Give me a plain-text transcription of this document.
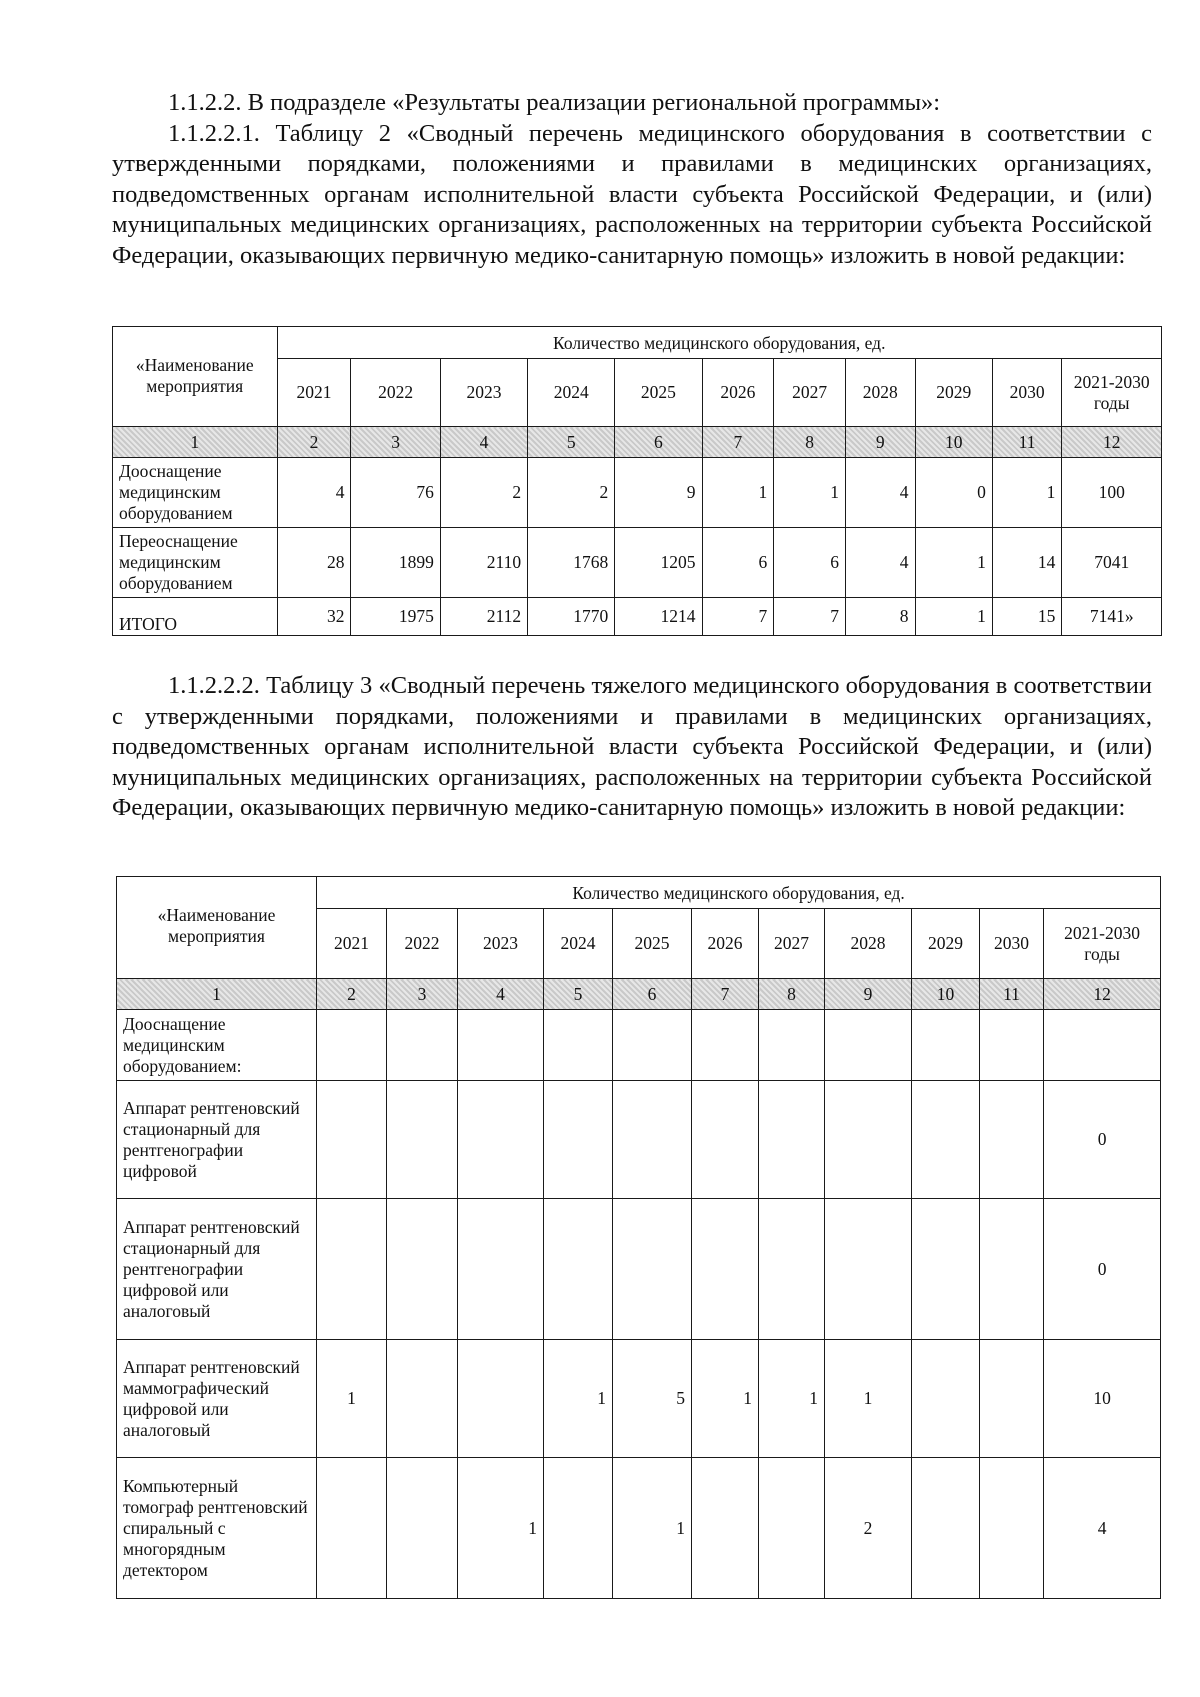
1.1.2.2. В подразделе «Результаты реализации региональной программы»:
1.1.2.2.1. Таблицу 2 «Сводный перечень медицинского оборудования в соответствии с утвержденными порядками, положениями и правилами в медицинских организациях, подведомственных органам исполнительной власти субъекта Российской Федерации, и (или) муниципальных медицинских организациях, расположенных на территории субъекта Российской Федерации, оказывающих первичную медико-санитарную помощь» изложить в новой редакции:
«Наименование мероприятия	Количество медицинского оборудования, ед.										
	2021	2022	2023	2024	2025	2026	2027	2028	2029	2030	2021-2030 годы
1	2	3	4	5	6	7	8	9	10	11	12
Дооснащение медицинским оборудованием	4	76	2	2	9	1	1	4	0	1	100
Переоснащение медицинским оборудованием	28	1899	2110	1768	1205	6	6	4	1	14	7041
ИТОГО	32	1975	2112	1770	1214	7	7	8	1	15	7141»
1.1.2.2.2. Таблицу 3 «Сводный перечень тяжелого медицинского оборудования в соответствии с утвержденными порядками, положениями и правилами в медицинских организациях, подведомственных органам исполнительной власти субъекта Российской Федерации, и (или) муниципальных медицинских организациях, расположенных на территории субъекта Российской Федерации, оказывающих первичную медико-санитарную помощь» изложить в новой редакции:
«Наименование мероприятия	Количество медицинского оборудования, ед.										
	2021	2022	2023	2024	2025	2026	2027	2028	2029	2030	2021-2030 годы
1	2	3	4	5	6	7	8	9	10	11	12
Дооснащение медицинским оборудованием:											
Аппарат рентгеновский стационарный для рентгенографии цифровой											0
Аппарат рентгеновский стационарный для рентгенографии цифровой или аналоговый											0
Аппарат рентгеновский маммографический цифровой или аналоговый	1			1	5	1	1	1			10
Компьютерный томограф рентгеновский спиральный с многорядным детектором			1		1			2			4
